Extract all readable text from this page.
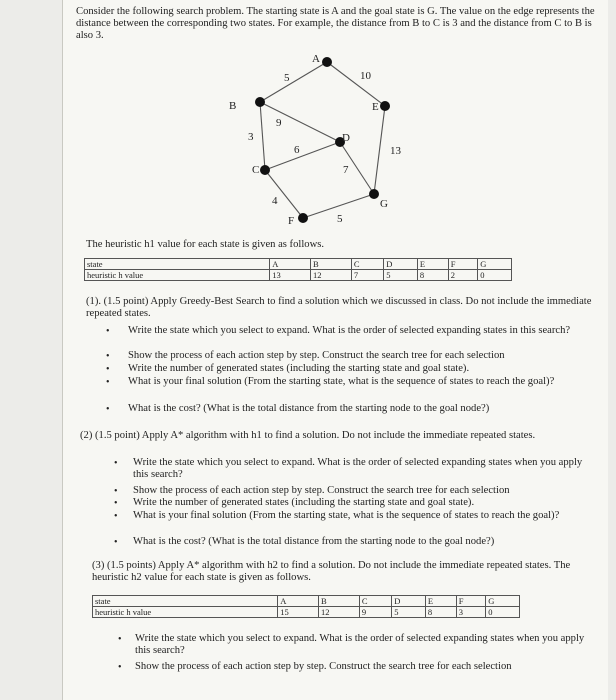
Consider the following search problem. The starting state is A and the goal state is G. The value on the edge represents the distance between the corresponding two states. For example, the distance from B to C is 3 and the distance from C to B is also 3.
A
B
C
D
E
F
G
5	10
9
3
6
7
13
4
5
The heuristic h1 value for each state is given as follows.
state	A	B	C	D	E	F	G
heuristic h value	13	12	7	5	8	2	0
(1). (1.5 point) Apply Greedy-Best Search to find a solution which we discussed in class. Do not include the immediate repeated states.
• Write the state which you select to expand. What is the order of selected expanding states in this search?
• Show the process of each action step by step. Construct the search tree for each selection
• Write the number of generated states (including the starting state and goal state).
• What is your final solution (From the starting state, what is the sequence of states to reach the goal)?
• What is the cost? (What is the total distance from the starting node to the goal node?)
(2) (1.5 point) Apply A* algorithm with h1 to find a solution. Do not include the immediate repeated states.
• Write the state which you select to expand. What is the order of selected expanding states when you apply this search?
• Show the process of each action step by step. Construct the search tree for each selection
• Write the number of generated states (including the starting state and goal state).
• What is your final solution (From the starting state, what is the sequence of states to reach the goal)?
• What is the cost? (What is the total distance from the starting node to the goal node?)
(3) (1.5 points) Apply A* algorithm with h2 to find a solution. Do not include the immediate repeated states. The heuristic h2 value for each state is given as follows.
state	A	B	C	D	E	F	G
heuristic h value	15	12	9	5	8	3	0
• Write the state which you select to expand. What is the order of selected expanding states when you apply this search?
• Show the process of each action step by step. Construct the search tree for each selection
